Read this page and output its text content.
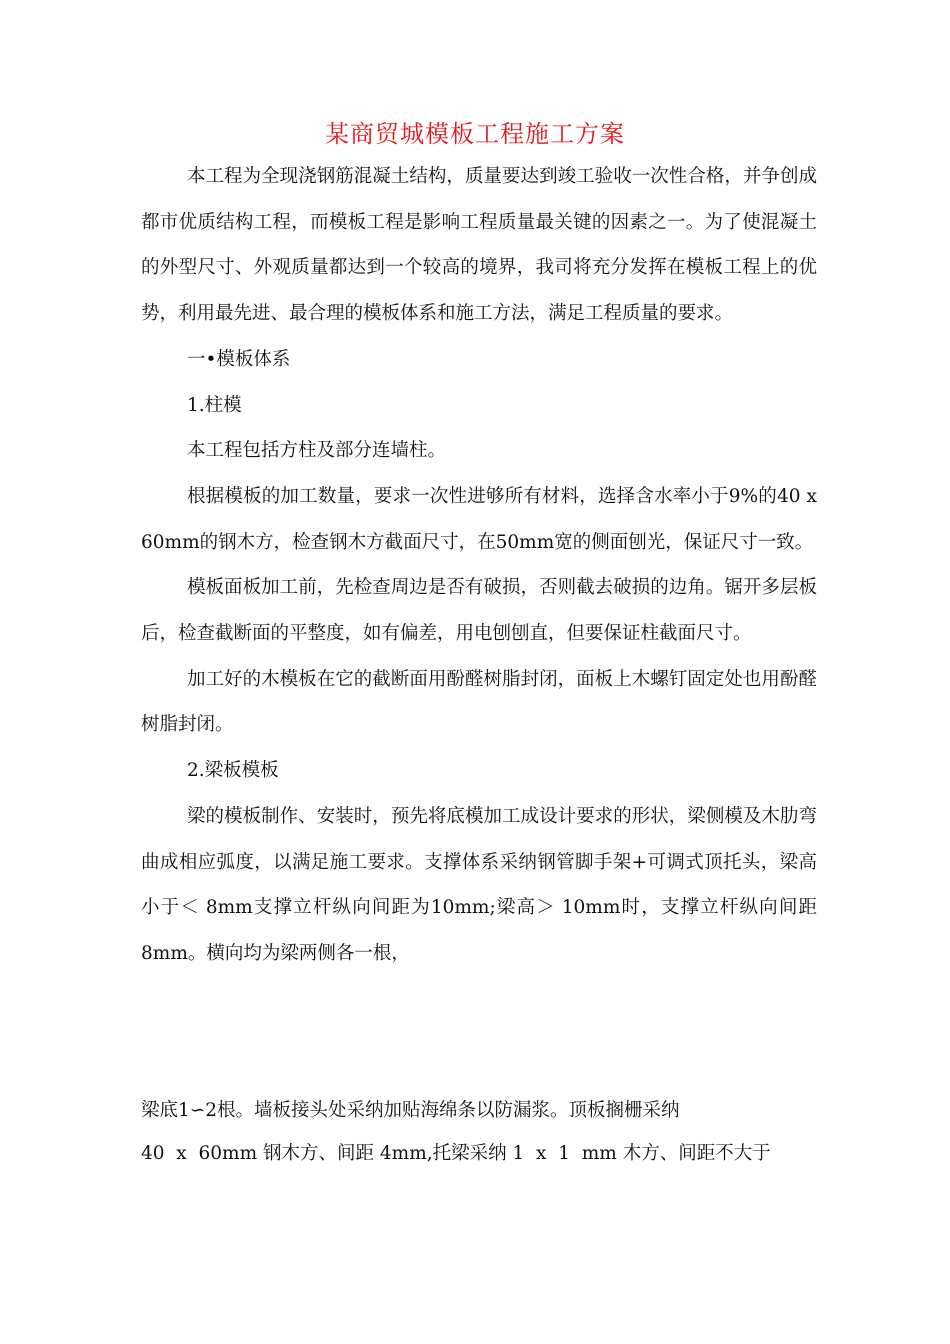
某商贸城模板工程施工方案

本工程为全现浇钢筋混凝土结构，质量要达到竣工验收一次性合格，并争创成都市优质结构工程，而模板工程是影响工程质量最关键的因素之一。为了使混凝土的外型尺寸、外观质量都达到一个较高的境界，我司将充分发挥在模板工程上的优势，利用最先进、最合理的模板体系和施工方法，满足工程质量的要求。

一•模板体系

1.柱模

本工程包括方柱及部分连墙柱。

根据模板的加工数量，要求一次性进够所有材料，选择含水率小于9%的40 x 60mm的钢木方，检查钢木方截面尺寸，在50mm宽的侧面刨光，保证尺寸一致。

模板面板加工前，先检查周边是否有破损，否则截去破损的边角。锯开多层板后，检查截断面的平整度，如有偏差，用电刨刨直，但要保证柱截面尺寸。

加工好的木模板在它的截断面用酚醛树脂封闭，面板上木螺钉固定处也用酚醛树脂封闭。

2.梁板模板

梁的模板制作、安装时，预先将底模加工成设计要求的形状，梁侧模及木肋弯曲成相应弧度，以满足施工要求。支撑体系采纳钢管脚手架+可调式顶托头，梁高小于＜ 8mm支撑立杆纵向间距为10mm;梁高＞ 10mm时，支撑立杆纵向间距8mm。横向均为梁两侧各一根，

梁底1∽2根。墙板接头处采纳加贴海绵条以防漏浆。顶板搁栅采纳
40  x  60mm 钢木方、间距 4mm,托梁采纳 1  x  1  mm 木方、间距不大于
